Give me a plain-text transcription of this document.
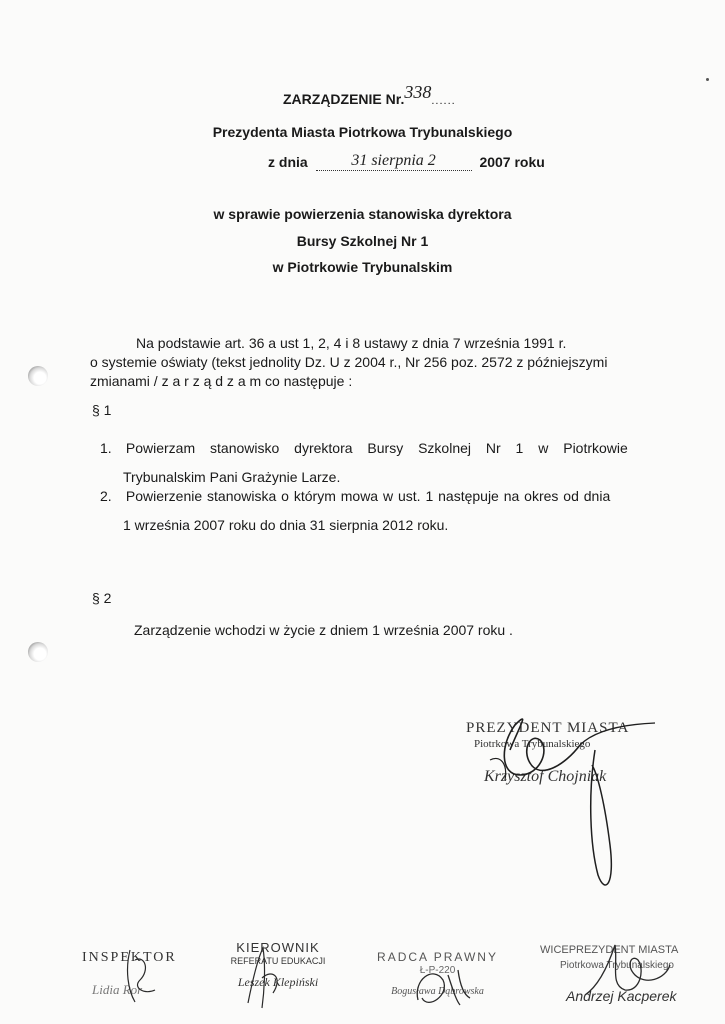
ZARZĄDZENIE Nr.338......
Prezydenta Miasta Piotrkowa Trybunalskiego
z dnia	31 sierpnia 2	2007 roku
w sprawie powierzenia stanowiska dyrektora
Bursy Szkolnej Nr 1
w Piotrkowie Trybunalskim
Na podstawie art. 36 a ust 1, 2, 4 i 8 ustawy z dnia 7 września 1991 r.
o systemie oświaty (tekst jednolity Dz. U z 2004 r., Nr 256 poz. 2572 z późniejszymi
zmianami / z a r z ą d z a m co następuje :
§ 1
1. Powierzam stanowisko dyrektora Bursy Szkolnej Nr 1 w Piotrkowie
Trybunalskim Pani Grażynie Larze.
2. Powierzenie stanowiska o którym mowa w ust. 1 następuje na okres od dnia
1 września 2007 roku do dnia 31 sierpnia 2012 roku.
§ 2
Zarządzenie wchodzi w życie z dniem 1 września 2007 roku .
PREZYDENT MIASTA
Piotrkowa Trybunalskiego
Krzysztof Chojniak
INSPEKTOR
Lidia Ror
KIEROWNIK
REFERATU EDUKACJI
Leszek Klepiński
RADCA PRAWNY
Ł-P-220
Bogusława Dąbrowska
WICEPREZYDENT MIASTA
Piotrkowa Trybunalskiego
Andrzej Kacperek
